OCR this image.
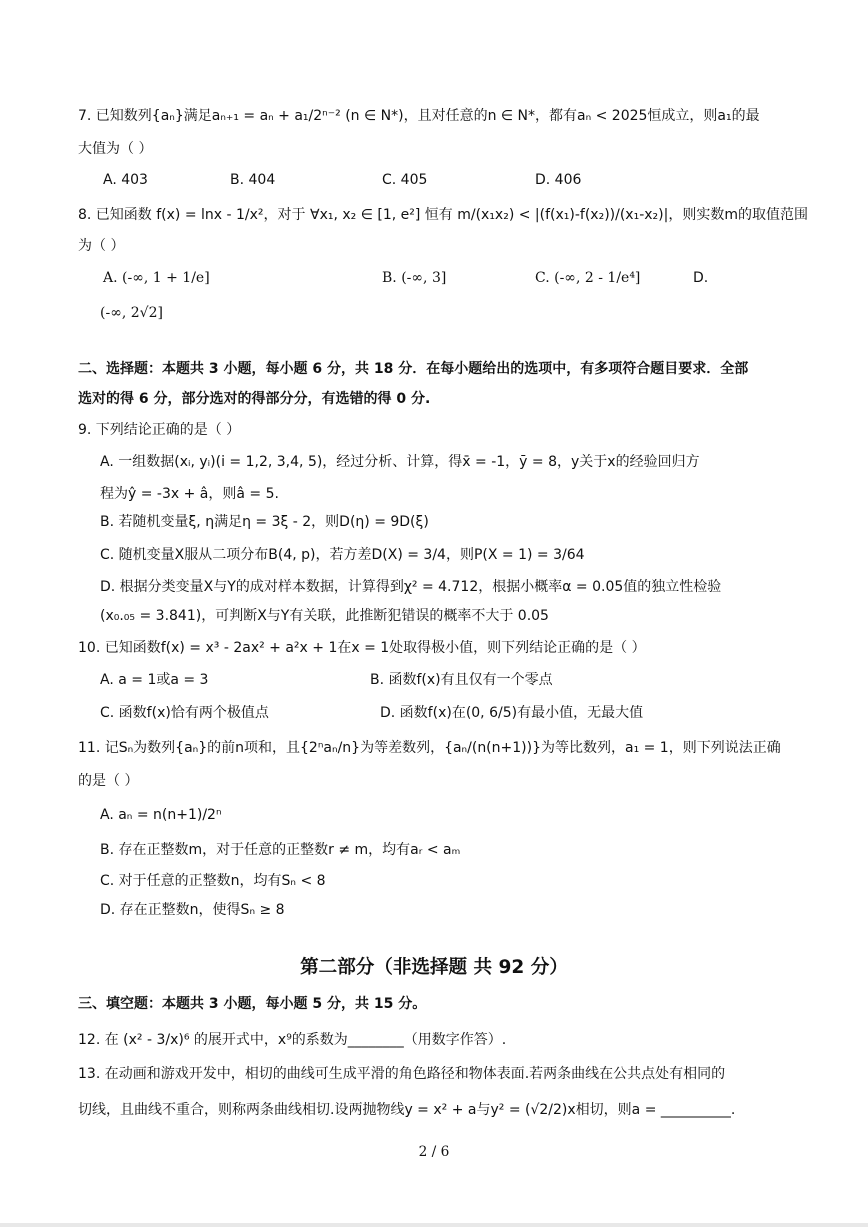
7. 已知数列{aₙ}满足aₙ₊₁ = aₙ + a₁/2ⁿ⁻² (n ∈ N*)，且对任意的n ∈ N*，都有aₙ < 2025恒成立，则a₁的最
大值为（ ）
A. 403	B. 404	C. 405	D. 406
8. 已知函数 f(x) = lnx - 1/x²，对于 ∀x₁, x₂ ∈ [1, e²] 恒有 m/(x₁x₂) < |(f(x₁)-f(x₂))/(x₁-x₂)|，则实数m的取值范围
为（ ）
A. (-∞, 1 + 1/e]	B. (-∞, 3]	C. (-∞, 2 - 1/e⁴]	D.
(-∞, 2√2]
二、选择题：本题共 3 小题，每小题 6 分，共 18 分．在每小题给出的选项中，有多项符合题目要求．全部
选对的得 6 分，部分选对的得部分分，有选错的得 0 分.
9. 下列结论正确的是（ ）
A. 一组数据(xᵢ, yᵢ)(i = 1,2, 3,4, 5)，经过分析、计算，得x̄ = -1，ȳ = 8，y关于x的经验回归方
程为ŷ = -3x + â，则â = 5.
B. 若随机变量ξ, η满足η = 3ξ - 2，则D(η) = 9D(ξ)
C. 随机变量X服从二项分布B(4, p)，若方差D(X) = 3/4，则P(X = 1) = 3/64
D. 根据分类变量X与Y的成对样本数据，计算得到χ² = 4.712，根据小概率α = 0.05值的独立性检验
(x₀.₀₅ = 3.841)，可判断X与Y有关联，此推断犯错误的概率不大于 0.05
10. 已知函数f(x) = x³ - 2ax² + a²x + 1在x = 1处取得极小值，则下列结论正确的是（ ）
A. a = 1或a = 3	B. 函数f(x)有且仅有一个零点
C. 函数f(x)恰有两个极值点	D. 函数f(x)在(0, 6/5)有最小值，无最大值
11. 记Sₙ为数列{aₙ}的前n项和，且{2ⁿaₙ/n}为等差数列，{aₙ/(n(n+1))}为等比数列，a₁ = 1，则下列说法正确
的是（ ）
A. aₙ = n(n+1)/2ⁿ
B. 存在正整数m，对于任意的正整数r ≠ m，均有aᵣ < aₘ
C. 对于任意的正整数n，均有Sₙ < 8
D. 存在正整数n，使得Sₙ ≥ 8
第二部分（非选择题 共 92 分）
三、填空题：本题共 3 小题，每小题 5 分，共 15 分。
12. 在 (x² - 3/x)⁶ 的展开式中，x⁹的系数为________（用数字作答）.
13. 在动画和游戏开发中，相切的曲线可生成平滑的角色路径和物体表面.若两条曲线在公共点处有相同的
切线，且曲线不重合，则称两条曲线相切.设两抛物线y = x² + a与y² = (√2/2)x相切，则a = __________.
2 / 6
